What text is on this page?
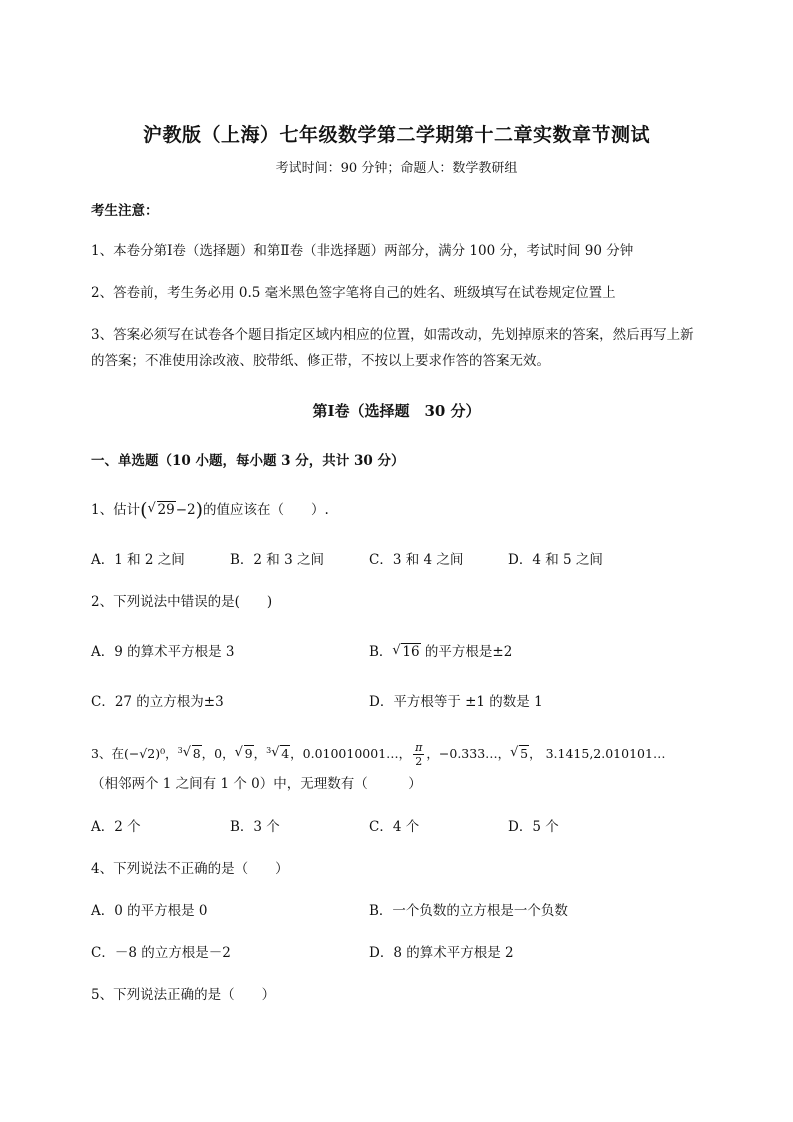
沪教版（上海）七年级数学第二学期第十二章实数章节测试
考试时间：90 分钟；命题人：数学教研组
考生注意：
1、本卷分第Ⅰ卷（选择题）和第Ⅱ卷（非选择题）两部分，满分 100 分，考试时间 90 分钟
2、答卷前，考生务必用 0.5 毫米黑色签字笔将自己的姓名、班级填写在试卷规定位置上
3、答案必须写在试卷各个题目指定区域内相应的位置，如需改动，先划掉原来的答案，然后再写上新
的答案；不准使用涂改液、胶带纸、修正带，不按以上要求作答的答案无效。
第Ⅰ卷（选择题　30 分）
一、单选题（10 小题，每小题 3 分，共计 30 分）
1、估计( √ 29−2)的值应该在（　　）.
A．1 和 2 之间	B．2 和 3 之间	C．3 和 4 之间	D．4 和 5 之间
2、下列说法中错误的是(　　)
A．9 的算术平方根是 3	B． √ 16 的平方根是±2
C．27 的立方根为±3	D．平方根等于 ±1 的数是 1
3、在(−√2)⁰，$^3$ √ 8，0， √ 9，$^3$ √ 4，0.010010001…， $\frac{\pi}{2}$ ，−0.333…， √ 5， 3.1415,2.010101…
（相邻两个 1 之间有 1 个 0）中，无理数有（　　　）
A．2 个	B．3 个	C．4 个	D．5 个
4、下列说法不正确的是（　　）
A．0 的平方根是 0	B．一个负数的立方根是一个负数
C．－8 的立方根是－2	D．8 的算术平方根是 2
5、下列说法正确的是（　　）
